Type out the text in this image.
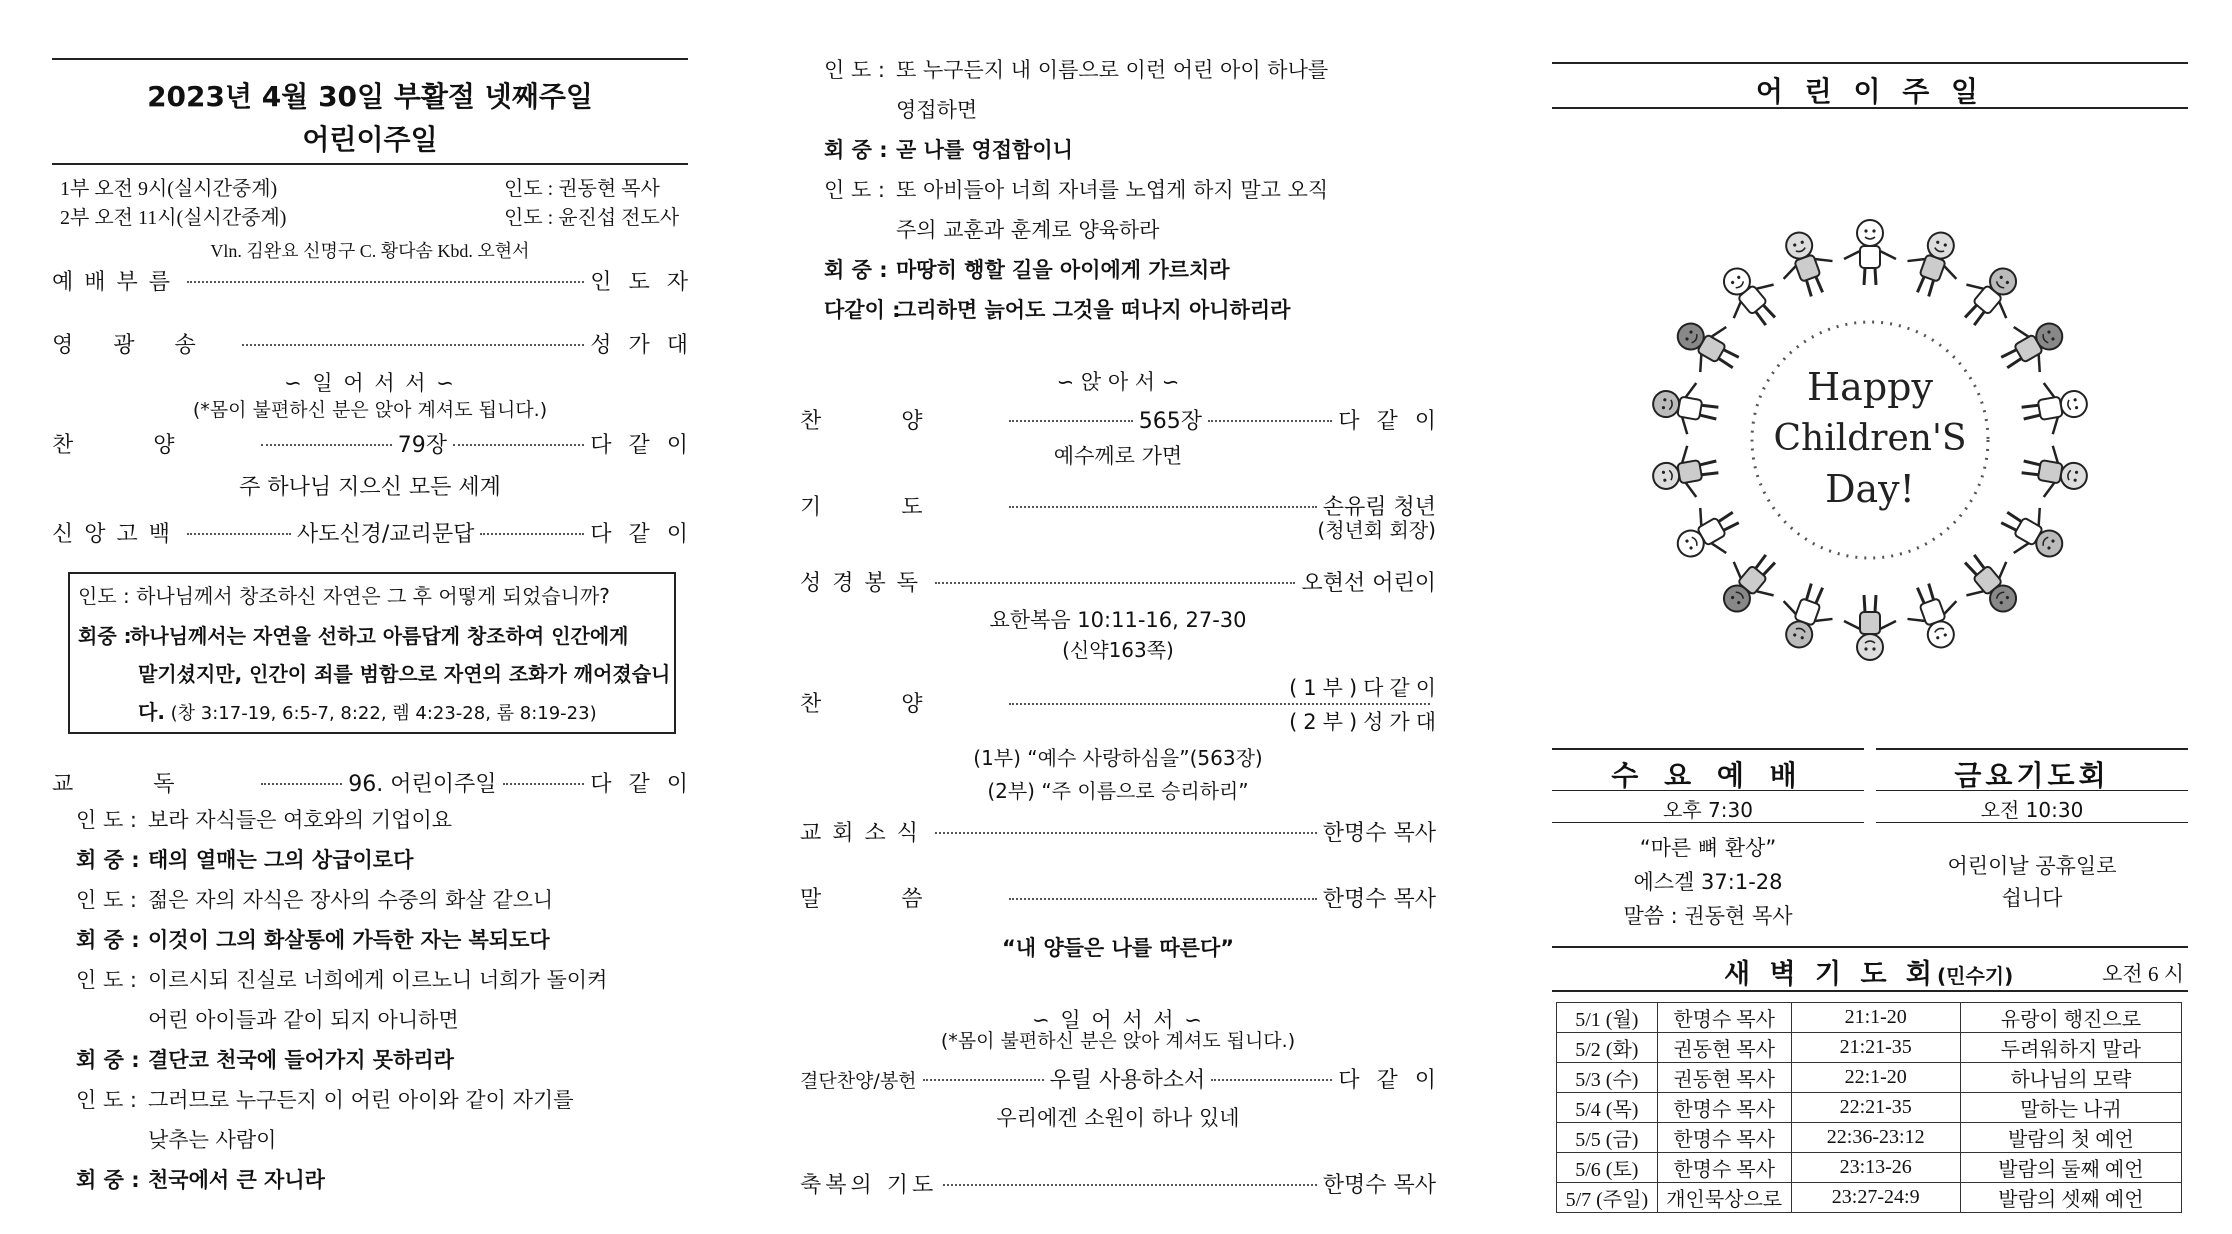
2023년 4월 30일 부활절 넷째주일
어린이주일
1부 오전 9시(실시간중계)	인도 : 권동현 목사
2부 오전 11시(실시간중계)	인도 : 윤진섭 전도사
Vln. 김완요 신명구 C. 황다솜 Kbd. 오현서
예배부름	인도자
영광송	성가대
∽ 일 어 서 서 ∽
(*몸이 불편하신 분은 앉아 계셔도 됩니다.)
찬양	79장	다같이
주 하나님 지으신 모든 세계
신앙고백	사도신경/교리문답	다같이
인도 : 하나님께서 창조하신 자연은 그 후 어떻게 되었습니까?
회중 :
하나님께서는 자연을 선하고 아름답게 창조하여 인간에게
맡기셨지만, 인간이 죄를 범함으로 자연의 조화가 깨어졌습니
다. (창 3:17-19, 6:5-7, 8:22, 렘 4:23-28, 롬 8:19-23)
교독	96. 어린이주일	다같이
인 도 : 보라 자식들은 여호와의 기업이요
회 중 : 태의 열매는 그의 상급이로다
인 도 : 젊은 자의 자식은 장사의 수중의 화살 같으니
회 중 : 이것이 그의 화살통에 가득한 자는 복되도다
인 도 : 이르시되 진실로 너희에게 이르노니 너희가 돌이켜
어린 아이들과 같이 되지 아니하면
회 중 : 결단코 천국에 들어가지 못하리라
인 도 : 그러므로 누구든지 이 어린 아이와 같이 자기를
낮추는 사람이
회 중 : 천국에서 큰 자니라
인 도 : 또 누구든지 내 이름으로 이런 어린 아이 하나를
영접하면
회 중 : 곧 나를 영접함이니
인 도 : 또 아비들아 너희 자녀를 노엽게 하지 말고 오직
주의 교훈과 훈계로 양육하라
회 중 : 마땅히 행할 길을 아이에게 가르치라
다같이 :그리하면 늙어도 그것을 떠나지 아니하리라
∽ 앉 아 서 ∽
찬양	565장	다같이
예수께로 가면
기도	손유림 청년
(청년회 회장)
성경봉독	오현선 어린이
요한복음 10:11-16, 27-30
(신약163쪽)
찬양
(1부)다같이
(2부)성가대
(1부) “예수 사랑하심을”(563장)
(2부) “주 이름으로 승리하리”
교회소식	한명수 목사
말씀	한명수 목사
“내 양들은 나를 따른다”
∽ 일 어 서 서 ∽
(*몸이 불편하신 분은 앉아 계셔도 됩니다.)
결단찬양/봉헌	우릴 사용하소서	다같이
우리에겐 소원이 하나 있네
축복의 기도	한명수 목사
어 린 이 주 일
Happy
Children'S
Day!
수 요 예 배
오후 7:30
“마른 뼈 환상”
에스겔 37:1-28
말씀 : 권동현 목사
금요기도회
오전 10:30
어린이날 공휴일로
쉽니다
새 벽 기 도 회(민수기)	오전 6 시
5/1 (월)	한명수 목사	21:1-20	유랑이 행진으로
5/2 (화)	권동현 목사	21:21-35	두려워하지 말라
5/3 (수)	권동현 목사	22:1-20	하나님의 모략
5/4 (목)	한명수 목사	22:21-35	말하는 나귀
5/5 (금)	한명수 목사	22:36-23:12	발람의 첫 예언
5/6 (토)	한명수 목사	23:13-26	발람의 둘째 예언
5/7 (주일)	개인묵상으로	23:27-24:9	발람의 셋째 예언
